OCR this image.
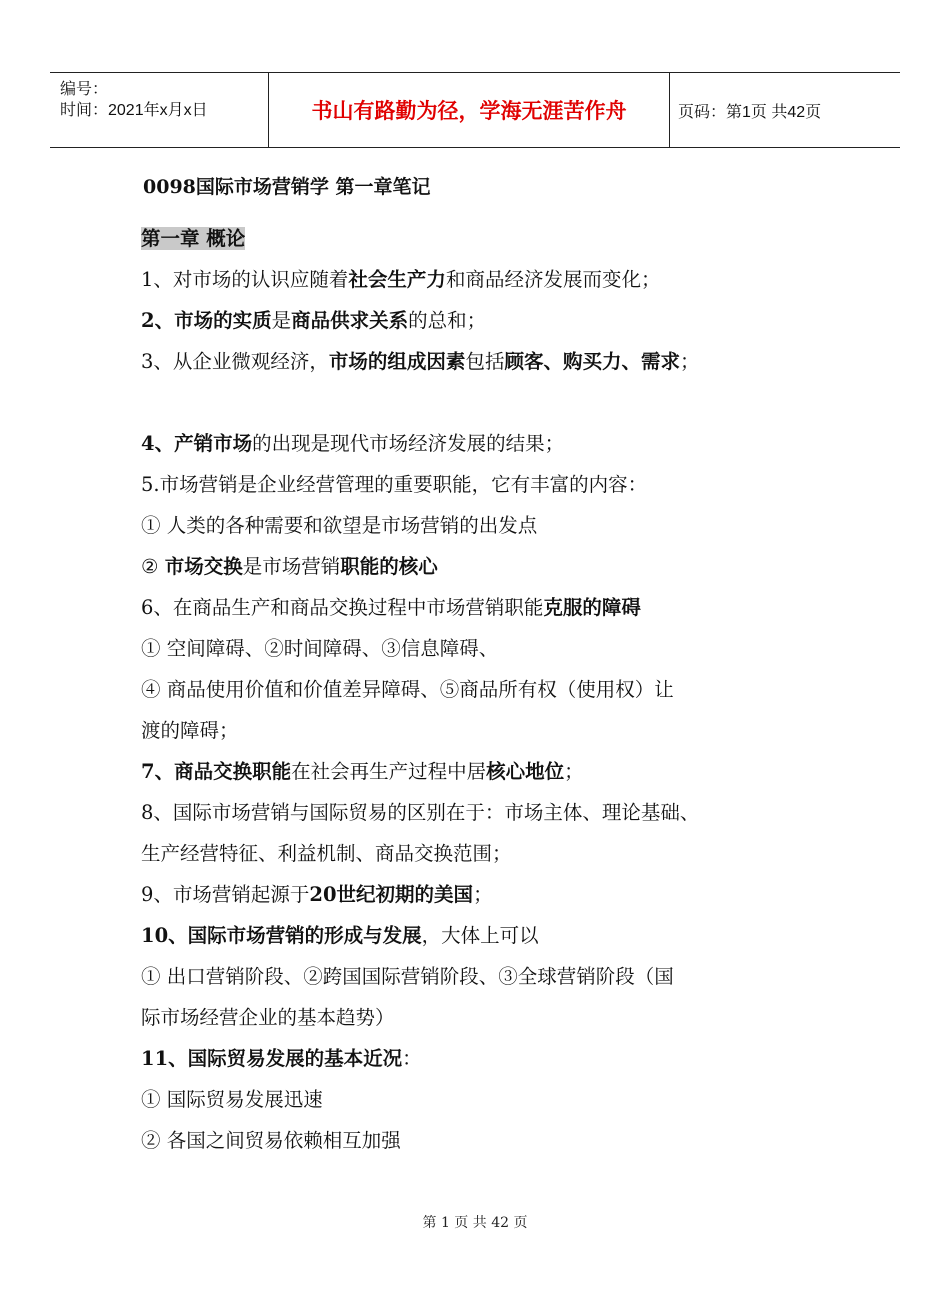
编号：
时间：2021年x月x日	书山有路勤为径，学海无涯苦作舟	页码：第1页 共42页
0098国际市场营销学 第一章笔记
第一章 概论
1、对市场的认识应随着社会生产力和商品经济发展而变化；
2、市场的实质是商品供求关系的总和；
3、从企业微观经济，市场的组成因素包括顾客、购买力、需求；
4、产销市场的出现是现代市场经济发展的结果；
5.市场营销是企业经营管理的重要职能，它有丰富的内容：
① 人类的各种需要和欲望是市场营销的出发点
② 市场交换是市场营销职能的核心
6、在商品生产和商品交换过程中市场营销职能克服的障碍
① 空间障碍、②时间障碍、③信息障碍、
④ 商品使用价值和价值差异障碍、⑤商品所有权（使用权）让
渡的障碍；
7、商品交换职能在社会再生产过程中居核心地位；
8、国际市场营销与国际贸易的区别在于：市场主体、理论基础、
生产经营特征、利益机制、商品交换范围；
9、市场营销起源于20世纪初期的美国；
10、国际市场营销的形成与发展，大体上可以
① 出口营销阶段、②跨国国际营销阶段、③全球营销阶段（国
际市场经营企业的基本趋势）
11、国际贸易发展的基本近况：
① 国际贸易发展迅速
② 各国之间贸易依赖相互加强
第 1 页 共 42 页
